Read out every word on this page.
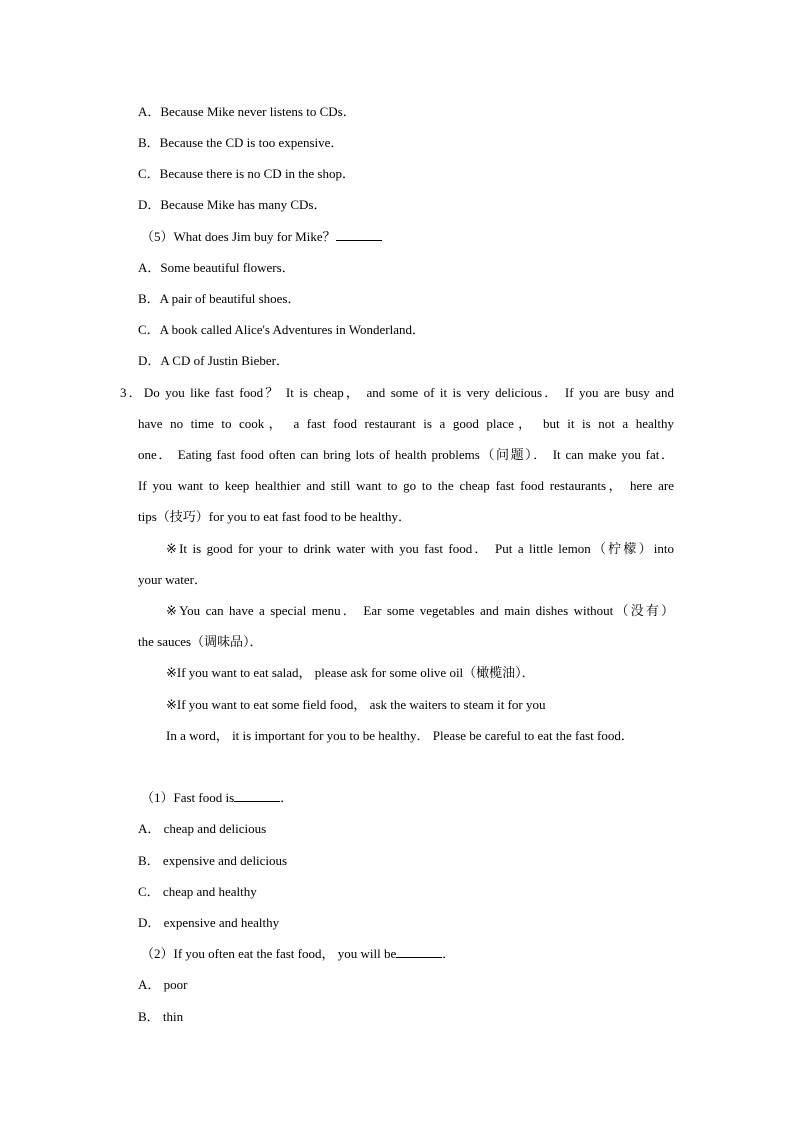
A．Because Mike never listens to CDs．
B．Because the CD is too expensive．
C．Because there is no CD in the shop．
D．Because Mike has many CDs．
（5）What does Jim buy for Mike？
A．Some beautiful flowers．
B．A pair of beautiful shoes．
C．A book called Alice's Adventures in Wonderland．
D．A CD of Justin Bieber．
3．Do you like fast food？ It is cheap， and some of it is very delicious． If you are busy and
have no time to cook， a fast food restaurant is a good place， but it is not a healthy
one． Eating fast food often can bring lots of health problems（问题）． It can make you fat．
If you want to keep healthier and still want to go to the cheap fast food restaurants， here are
tips（技巧）for you to eat fast food to be healthy．
※It is good for your to drink water with you fast food． Put a little lemon（柠檬）into
your water．
※You can have a special menu． Ear some vegetables and main dishes without（没有）
the sauces（调味品）．
※If you want to eat salad， please ask for some olive oil（橄榄油）．
※If you want to eat some field food， ask the waiters to steam it for you
In a word， it is important for you to be healthy． Please be careful to eat the fast food．
（1）Fast food is	．
A． cheap and delicious
B． expensive and delicious
C． cheap and healthy
D． expensive and healthy
（2）If you often eat the fast food， you will be	．
A． poor
B． thin
